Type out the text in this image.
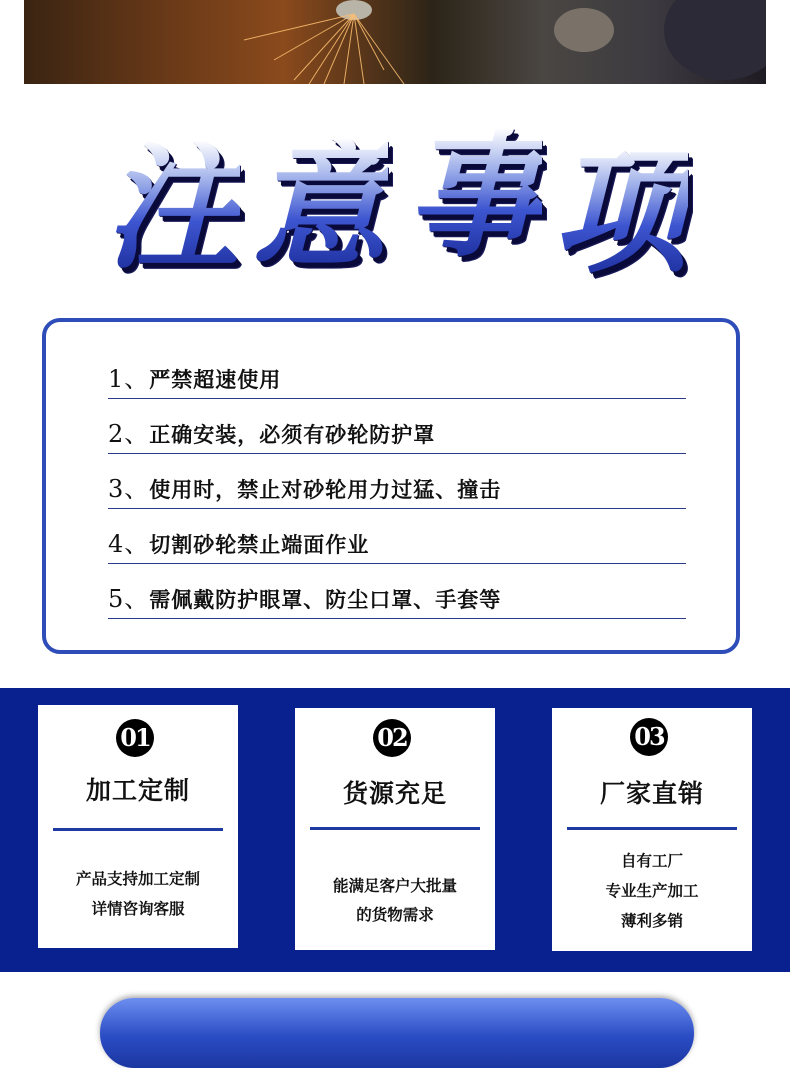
注 意 事 项
1、严禁超速使用
2、正确安装，必须有砂轮防护罩
3、使用时，禁止对砂轮用力过猛、撞击
4、切割砂轮禁止端面作业
5、需佩戴防护眼罩、防尘口罩、手套等
01
加工定制
产品支持加工定制
详情咨询客服
02
货源充足
能满足客户大批量
的货物需求
03
厂家直销
自有工厂
专业生产加工
薄利多销
